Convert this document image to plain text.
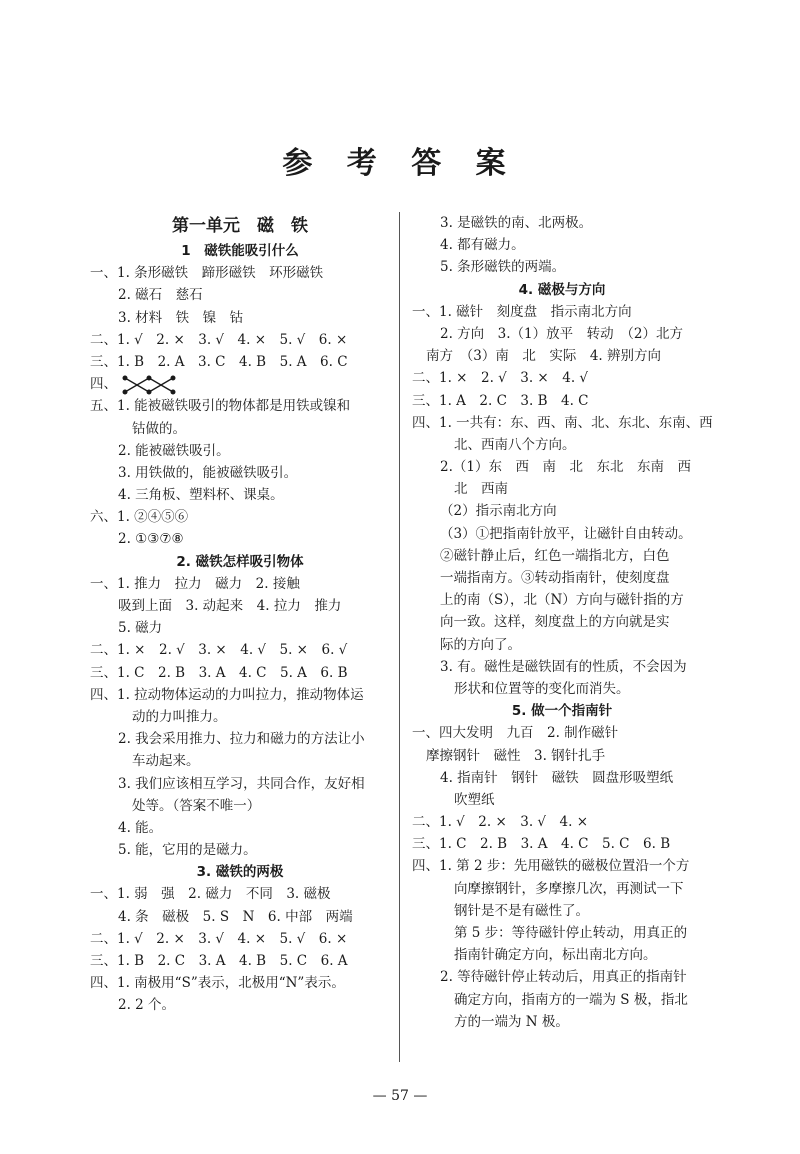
参 考 答 案
第一单元　磁　铁
1　磁铁能吸引什么
一、1. 条形磁铁　蹄形磁铁　环形磁铁
2. 磁石　慈石
3. 材料　铁　镍　钴
二、1. √　2. ×　3. √　4. ×　5. √　6. ×
三、1. B　2. A　3. C　4. B　5. A　6. C
四、
五、1. 能被磁铁吸引的物体都是用铁或镍和
钴做的。
2. 能被磁铁吸引。
3. 用铁做的，能被磁铁吸引。
4. 三角板、塑料杯、课桌。
六、1. ②④⑤⑥
2. ①③⑦⑧
2. 磁铁怎样吸引物体
一、1. 推力　拉力　磁力　2. 接触
吸到上面　3. 动起来　4. 拉力　推力
5. 磁力
二、1. ×　2. √　3. ×　4. √　5. ×　6. √
三、1. C　2. B　3. A　4. C　5. A　6. B
四、1. 拉动物体运动的力叫拉力，推动物体运
动的力叫推力。
2. 我会采用推力、拉力和磁力的方法让小
车动起来。
3. 我们应该相互学习，共同合作，友好相
处等。（答案不唯一）
4. 能。
5. 能，它用的是磁力。
3. 磁铁的两极
一、1. 弱　强　2. 磁力　不同　3. 磁极
4. 条　磁极　5. S　N　6. 中部　两端
二、1. √　2. ×　3. √　4. ×　5. √　6. ×
三、1. B　2. C　3. A　4. B　5. C　6. A
四、1. 南极用“S”表示，北极用“N”表示。
2. 2 个。
3. 是磁铁的南、北两极。
4. 都有磁力。
5. 条形磁铁的两端。
4. 磁极与方向
一、1. 磁针　刻度盘　指示南北方向
2. 方向　3.（1）放平　转动　（2）北方
南方　（3）南　北　实际　4. 辨别方向
二、1. ×　2. √　3. ×　4. √
三、1. A　2. C　3. B　4. C
四、1. 一共有：东、西、南、北、东北、东南、西
北、西南八个方向。
2.（1）东　西　南　北　东北　东南　西
北　西南
（2）指示南北方向
（3）①把指南针放平，让磁针自由转动。
②磁针静止后，红色一端指北方，白色
一端指南方。③转动指南针，使刻度盘
上的南（S），北（N）方向与磁针指的方
向一致。这样，刻度盘上的方向就是实
际的方向了。
3. 有。磁性是磁铁固有的性质，不会因为
形状和位置等的变化而消失。
5. 做一个指南针
一、四大发明　九百　2. 制作磁针
摩擦钢针　磁性　3. 钢针扎手
4. 指南针　钢针　磁铁　圆盘形吸塑纸
吹塑纸
二、1. √　2. ×　3. √　4. ×
三、1. C　2. B　3. A　4. C　5. C　6. B
四、1. 第 2 步：先用磁铁的磁极位置沿一个方
向摩擦钢针，多摩擦几次，再测试一下
钢针是不是有磁性了。
第 5 步：等待磁针停止转动，用真正的
指南针确定方向，标出南北方向。
2. 等待磁针停止转动后，用真正的指南针
确定方向，指南方的一端为 S 极，指北
方的一端为 N 极。
— 57 —
